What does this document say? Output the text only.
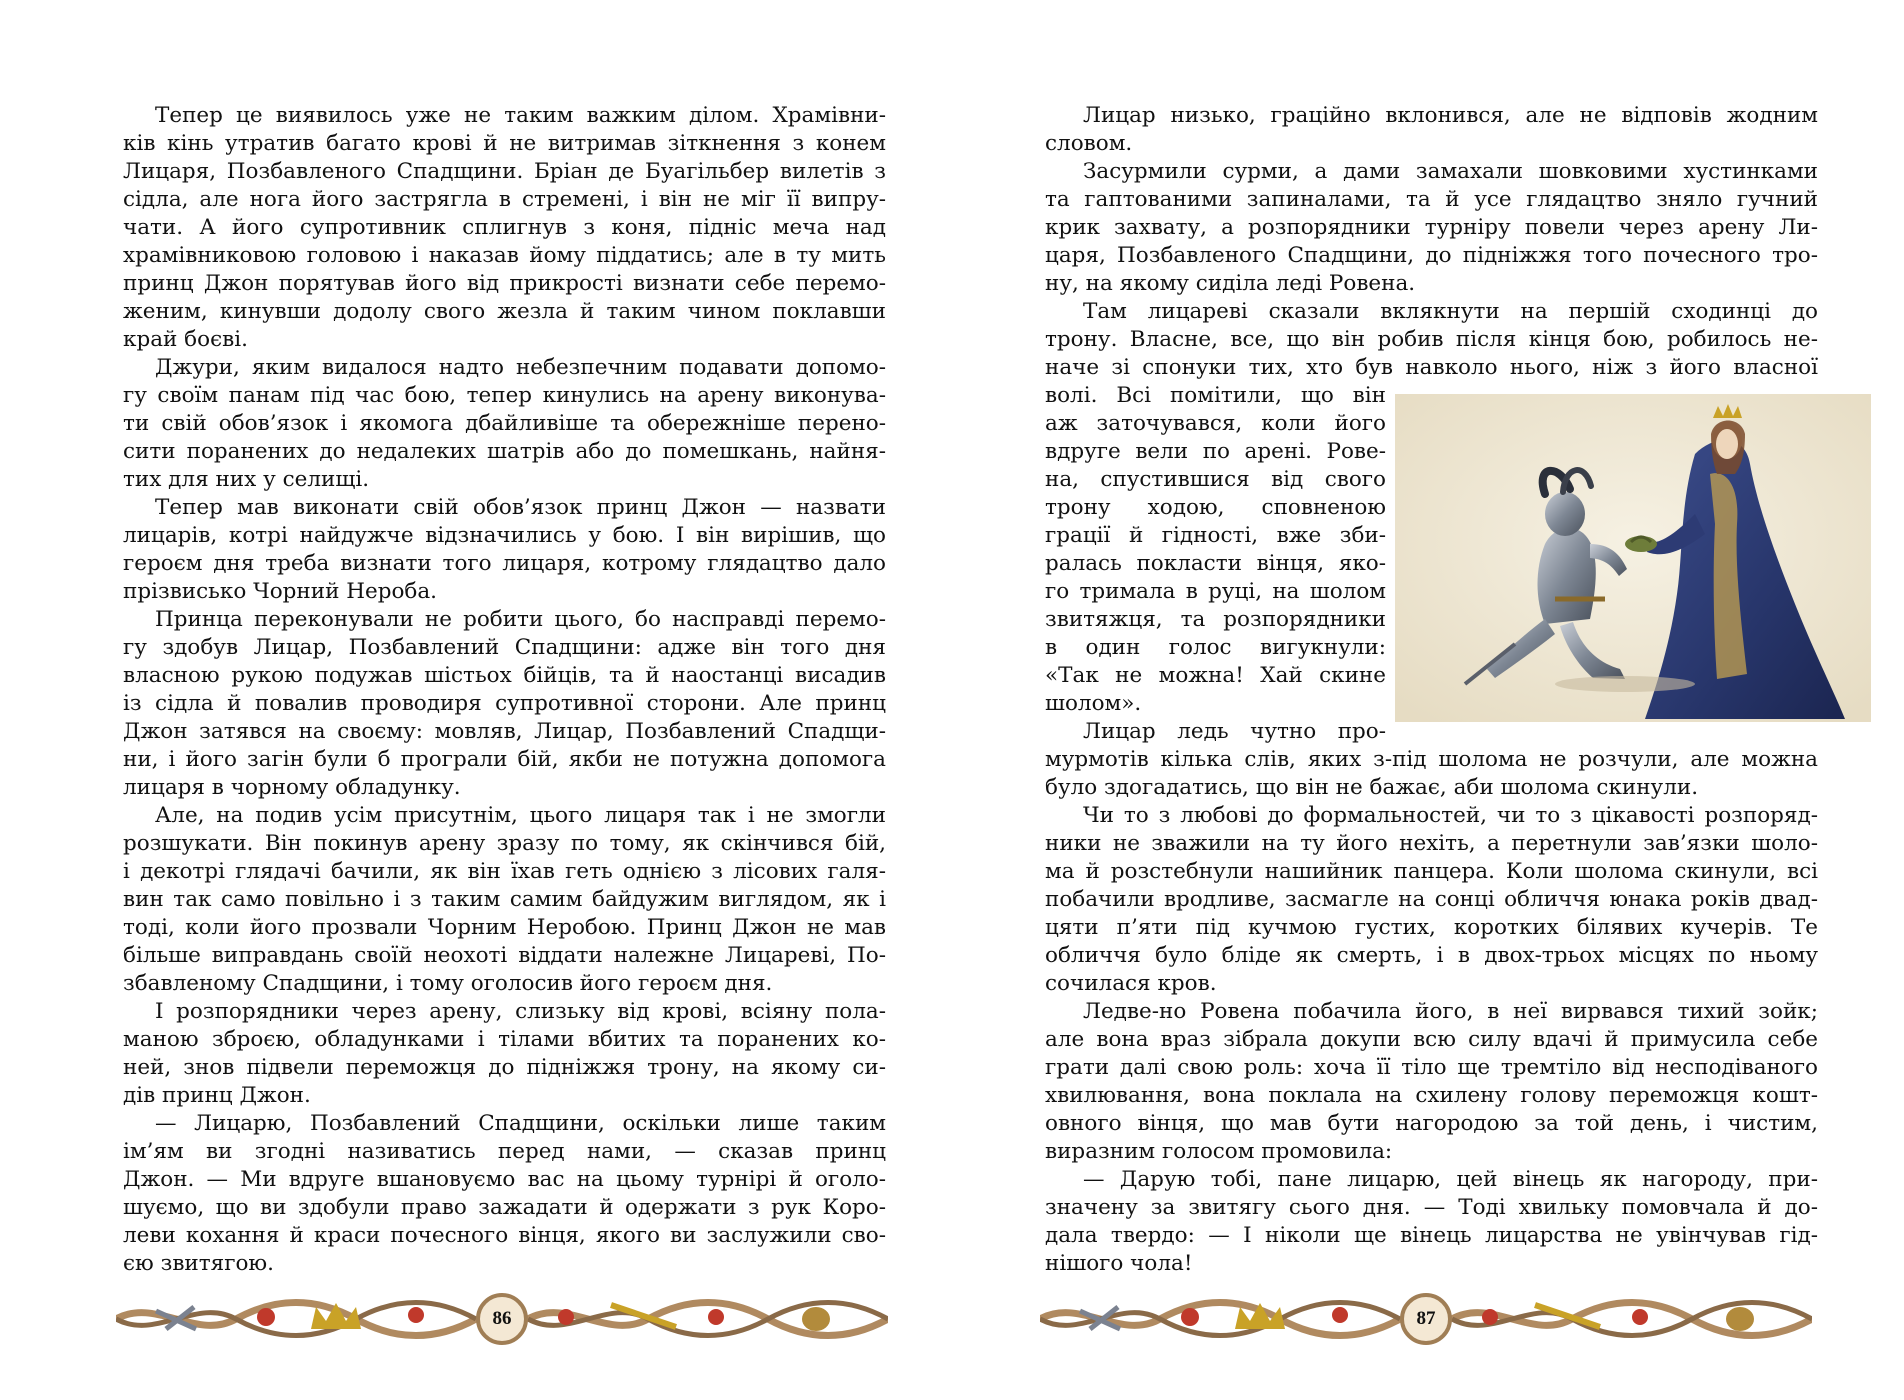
Тепер це виявилось уже не таким важким ділом. Храмівни-

ків кінь утратив багато крові й не витримав зіткнення з конем

Лицаря, Позбавленого Спадщини. Бріан де Буагільбер вилетів з

сідла, але нога його застрягла в стремені, і він не міг її випру-

чати. А його супротивник сплигнув з коня, підніс меча над

храмівниковою головою і наказав йому піддатись; але в ту мить

принц Джон порятував його від прикрості визнати себе перемо-

женим, кинувши додолу свого жезла й таким чином поклавши

край боєві.

Джури, яким видалося надто небезпечним подавати допомо-

гу своїм панам під час бою, тепер кинулись на арену виконува-

ти свій обов’язок і якомога дбайливіше та обережніше перено-

сити поранених до недалеких шатрів або до помешкань, найня-

тих для них у селищі.

Тепер мав виконати свій обов’язок принц Джон — назвати

лицарів, котрі найдужче відзначились у бою. І він вирішив, що

героєм дня треба визнати того лицаря, котрому глядацтво дало

прізвисько Чорний Нероба.

Принца переконували не робити цього, бо насправді перемо-

гу здобув Лицар, Позбавлений Спадщини: адже він того дня

власною рукою подужав шістьох бійців, та й наостанці висадив

із сідла й повалив проводиря супротивної сторони. Але принц

Джон затявся на своєму: мовляв, Лицар, Позбавлений Спадщи-

ни, і його загін були б програли бій, якби не потужна допомога

лицаря в чорному обладунку.

Але, на подив усім присутнім, цього лицаря так і не змогли

розшукати. Він покинув арену зразу по тому, як скінчився бій,

і декотрі глядачі бачили, як він їхав геть однією з лісових галя-

вин так само повільно і з таким самим байдужим виглядом, як і

тоді, коли його прозвали Чорним Неробою. Принц Джон не мав

більше виправдань своїй неохоті віддати належне Лицареві, По-

збавленому Спадщини, і тому оголосив його героєм дня.

І розпорядники через арену, слизьку від крові, всіяну пола-

маною зброєю, обладунками і тілами вбитих та поранених ко-

ней, знов підвели переможця до підніжжя трону, на якому си-

дів принц Джон.

— Лицарю, Позбавлений Спадщини, оскільки лише таким

ім’ям ви згодні називатись перед нами, — сказав принц

Джон. — Ми вдруге вшановуємо вас на цьому турнірі й оголо-

шуємо, що ви здобули право зажадати й одержати з рук Коро-

леви кохання й краси почесного вінця, якого ви заслужили сво-

єю звитягою.

Лицар низько, граційно вклонився, але не відповів жодним

словом.

Засурмили сурми, а дами замахали шовковими хустинками

та гаптованими запиналами, та й усе глядацтво зняло гучний

крик захвату, а розпорядники турніру повели через арену Ли-

царя, Позбавленого Спадщини, до підніжжя того почесного тро-

ну, на якому сиділа леді Ровена.

Там лицареві сказали вклякнути на першій сходинці до

трону. Власне, все, що він робив після кінця бою, робилось не-

наче зі спонуки тих, хто був навколо нього, ніж з його власної

волі. Всі помітили, що він

аж заточувався, коли його

вдруге вели по арені. Рове-

на, спустившися від свого

трону ходою, сповненою

грації й гідності, вже зби-

ралась покласти вінця, яко-

го тримала в руці, на шолом

звитяжця, та розпорядники

в один голос вигукнули:

«Так не можна! Хай скине

шолом».

Лицар ледь чутно про-

мурмотів кілька слів, яких з-під шолома не розчули, але можна

було здогадатись, що він не бажає, аби шолома скинули.

Чи то з любові до формальностей, чи то з цікавості розпоряд-

ники не зважили на ту його нехіть, а перетнули зав’язки шоло-

ма й розстебнули нашийник панцера. Коли шолома скинули, всі

побачили вродливе, засмагле на сонці обличчя юнака років двад-

цяти п’яти під кучмою густих, коротких білявих кучерів. Те

обличчя було бліде як смерть, і в двох-трьох місцях по ньому

сочилася кров.

Ледве-но Ровена побачила його, в неї вирвався тихий зойк;

але вона враз зібрала докупи всю силу вдачі й примусила себе

грати далі свою роль: хоча її тіло ще тремтіло від несподіваного

хвилювання, вона поклала на схилену голову переможця кошт-

овного вінця, що мав бути нагородою за той день, і чистим,

виразним голосом промовила:

— Дарую тобі, пане лицарю, цей вінець як нагороду, при-

значену за звитягу сього дня. — Тоді хвильку помовчала й до-

дала твердо: — І ніколи ще вінець лицарства не увінчував гід-

нішого чола!

86	87
